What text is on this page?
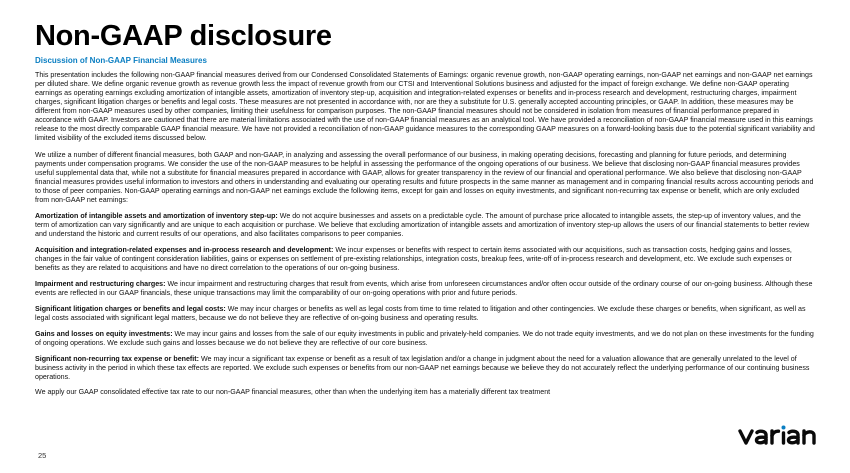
Non-GAAP disclosure
Discussion of Non-GAAP Financial Measures

This presentation includes the following non-GAAP financial measures derived from our Condensed Consolidated Statements of Earnings: organic revenue growth, non-GAAP operating earnings, non-GAAP net earnings and non-GAAP net earnings per diluted share. We define organic revenue growth as revenue growth less the impact of revenue growth from our CTSI and Interventional Solutions business and adjusted for the impact of foreign exchange. We define non-GAAP operating earnings as operating earnings excluding amortization of intangible assets, amortization of inventory step-up, acquisition and integration-related expenses or benefits and in-process research and development, restructuring charges, impairment charges, significant litigation charges or benefits and legal costs. These measures are not presented in accordance with, nor are they a substitute for U.S. generally accepted accounting principles, or GAAP. In addition, these measures may be different from non-GAAP measures used by other companies, limiting their usefulness for comparison purposes. The non-GAAP financial measures should not be considered in isolation from measures of financial performance prepared in accordance with GAAP. Investors are cautioned that there are material limitations associated with the use of non-GAAP financial measures as an analytical tool. We have provided a reconciliation of non-GAAP financial measure used in this earnings release to the most directly comparable GAAP financial measure. We have not provided a reconciliation of non-GAAP guidance measures to the corresponding GAAP measures on a forward-looking basis due to the potential significant variability and limited visibility of the excluded items discussed below.

We utilize a number of different financial measures, both GAAP and non-GAAP, in analyzing and assessing the overall performance of our business, in making operating decisions, forecasting and planning for future periods, and determining payments under compensation programs. We consider the use of the non-GAAP measures to be helpful in assessing the performance of the ongoing operations of our business. We believe that disclosing non-GAAP financial measures provides useful supplemental data that, while not a substitute for financial measures prepared in accordance with GAAP, allows for greater transparency in the review of our financial and operational performance. We also believe that disclosing non-GAAP financial measures provides useful information to investors and others in understanding and evaluating our operating results and future prospects in the same manner as management and in comparing financial results across accounting periods and to those of peer companies. Non-GAAP operating earnings and non-GAAP net earnings exclude the following items, except for gain and losses on equity investments, and significant non-recurring tax expense or benefit, which are only excluded from non-GAAP net earnings:

Amortization of intangible assets and amortization of inventory step-up: We do not acquire businesses and assets on a predictable cycle. The amount of purchase price allocated to intangible assets, the step-up of inventory values, and the term of amortization can vary significantly and are unique to each acquisition or purchase. We believe that excluding amortization of intangible assets and amortization of inventory step-up allows the users of our financial statements to better review and understand the historic and current results of our operations, and also facilitates comparisons to peer companies.

Acquisition and integration-related expenses and in-process research and development: We incur expenses or benefits with respect to certain items associated with our acquisitions, such as transaction costs, hedging gains and losses, changes in the fair value of contingent consideration liabilities, gains or expenses on settlement of pre-existing relationships, integration costs, breakup fees, write-off of in-process research and development, etc. We exclude such expenses or benefits as they are related to acquisitions and have no direct correlation to the operations of our on-going business.

Impairment and restructuring charges: We incur impairment and restructuring charges that result from events, which arise from unforeseen circumstances and/or often occur outside of the ordinary course of our on-going business. Although these events are reflected in our GAAP financials, these unique transactions may limit the comparability of our on-going operations with prior and future periods.

Significant litigation charges or benefits and legal costs: We may incur charges or benefits as well as legal costs from time to time related to litigation and other contingencies. We exclude these charges or benefits, when significant, as well as legal costs associated with significant legal matters, because we do not believe they are reflective of on-going business and operating results.

Gains and losses on equity investments: We may incur gains and losses from the sale of our equity investments in public and privately-held companies. We do not trade equity investments, and we do not plan on these investments for the funding of ongoing operations. We exclude such gains and losses because we do not believe they are reflective of our core business.

Significant non-recurring tax expense or benefit: We may incur a significant tax expense or benefit as a result of tax legislation and/or a change in judgment about the need for a valuation allowance that are generally unrelated to the level of business activity in the period in which these tax effects are reported. We exclude such expenses or benefits from our non-GAAP net earnings because we believe they do not accurately reflect the underlying performance of our continuing business operations.

We apply our GAAP consolidated effective tax rate to our non-GAAP financial measures, other than when the underlying item has a materially different tax treatment

25
